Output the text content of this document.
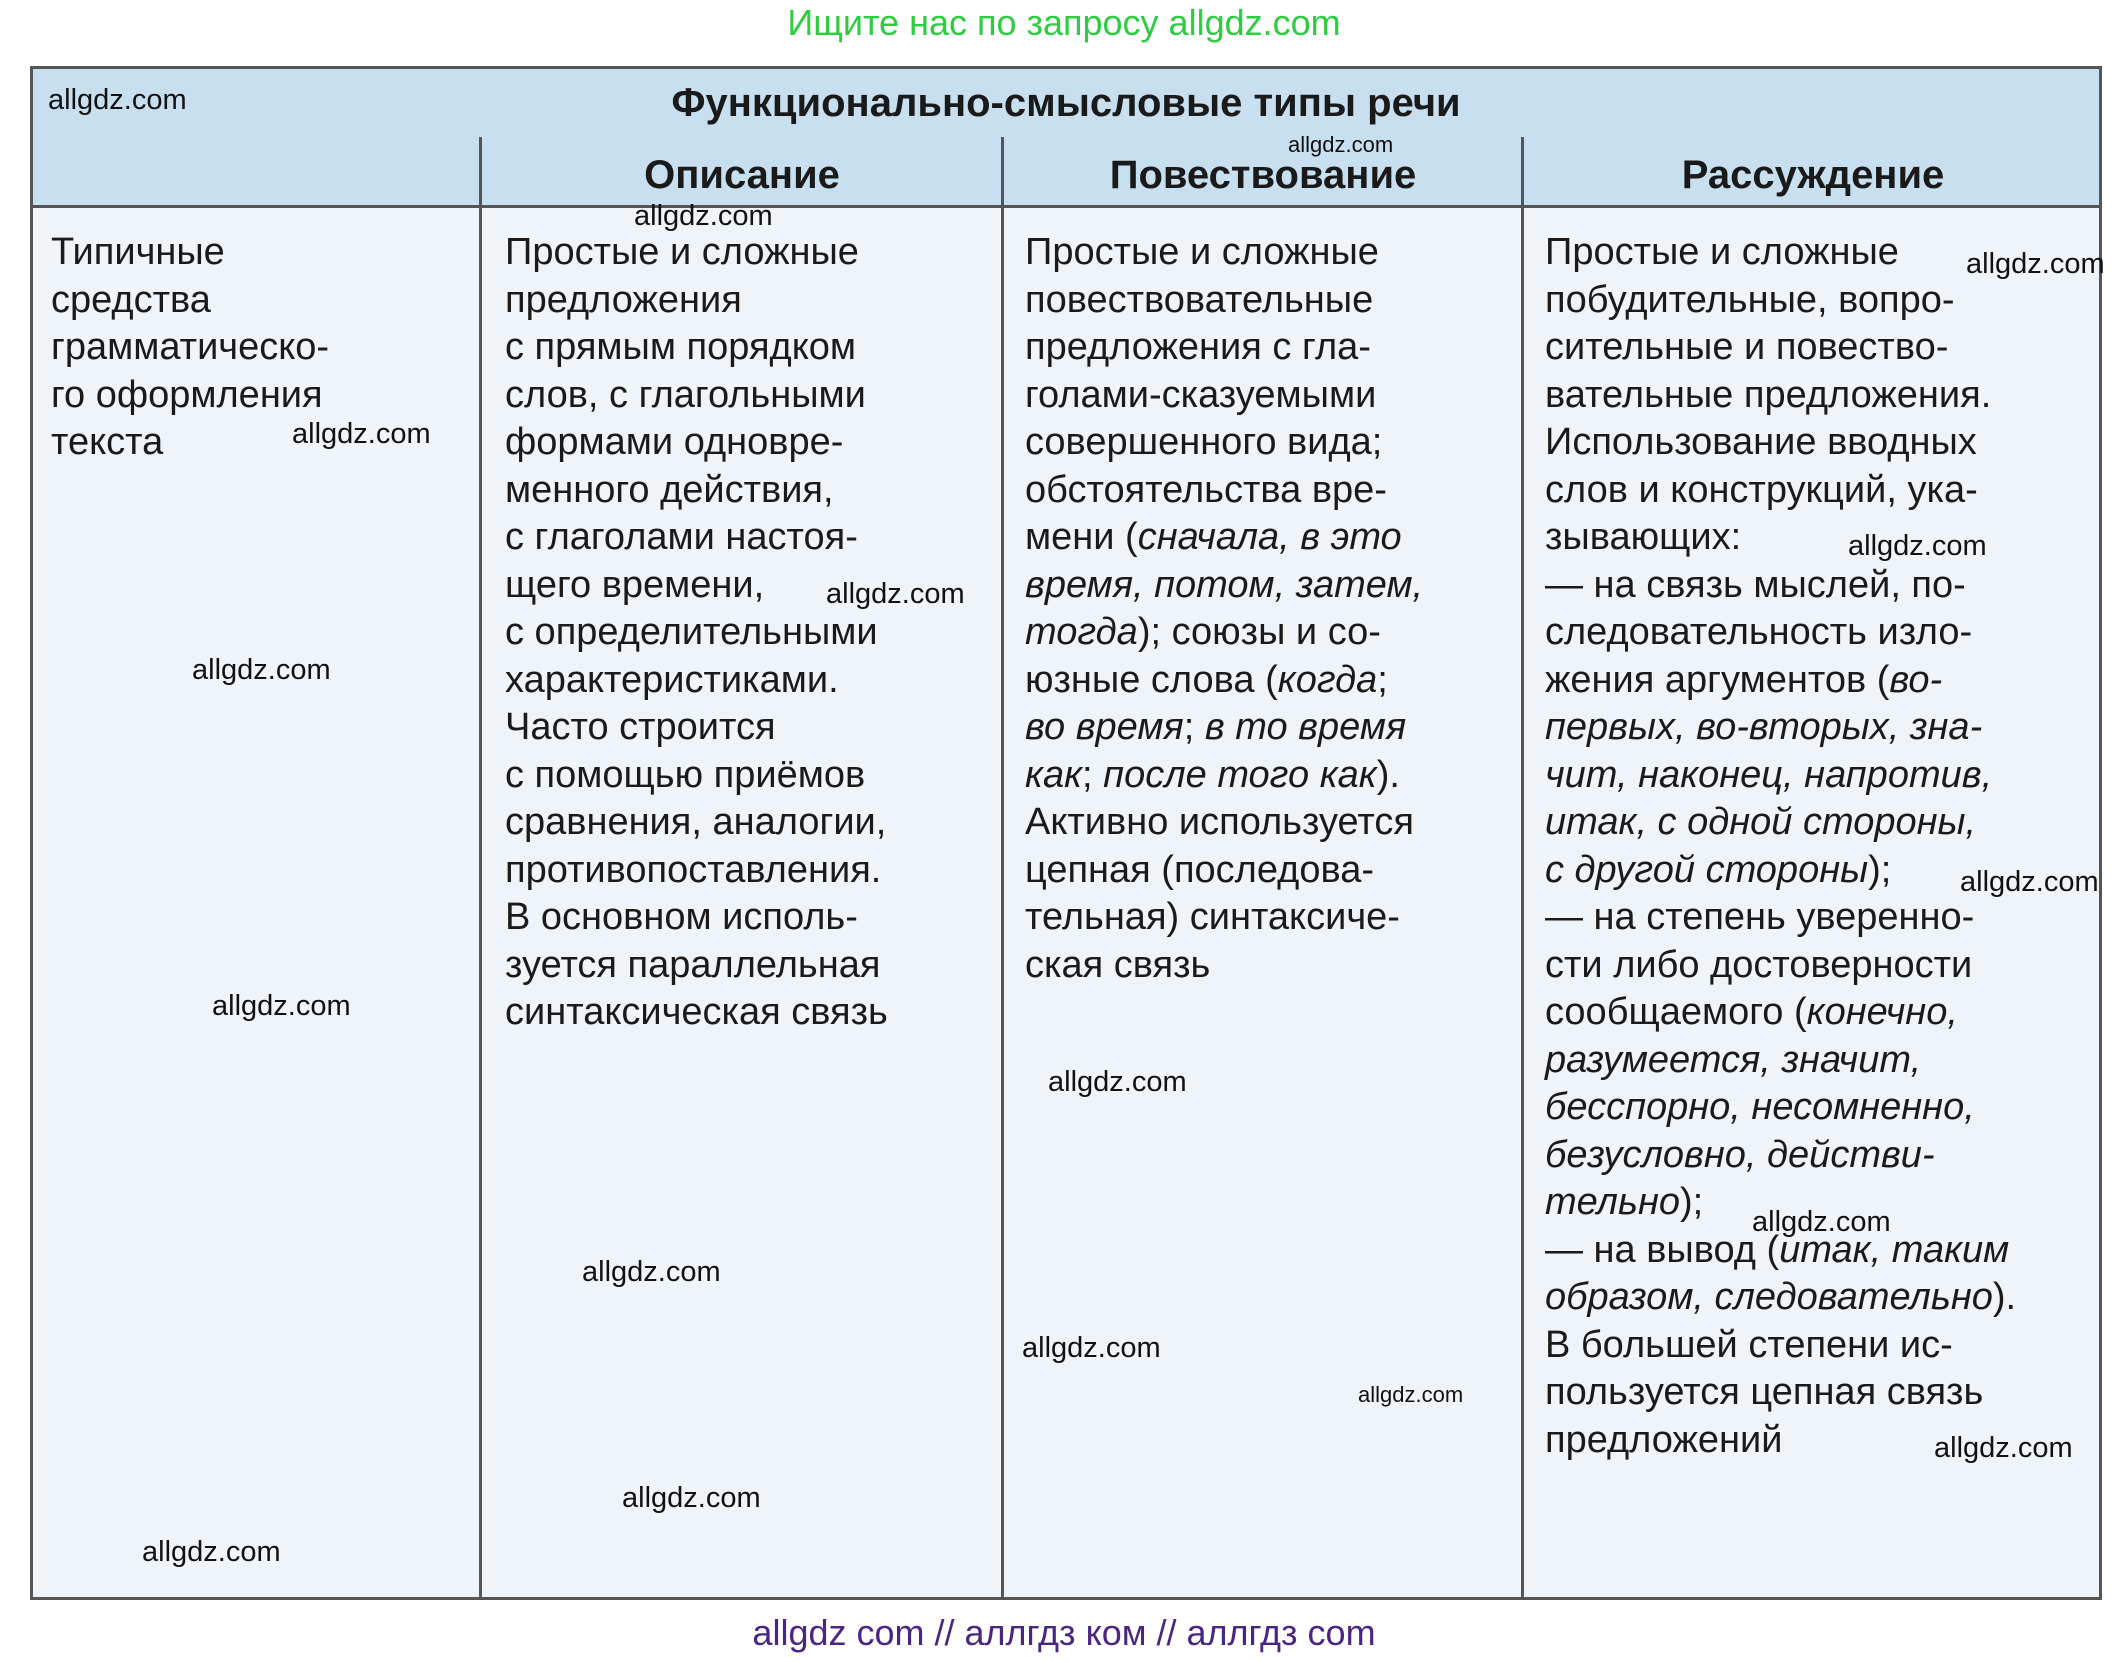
Ищите нас по запросу allgdz.com
Функционально-смысловые типы речи
Описание	Повествование	Рассуждение
Типичные
средства
грамматическо-
го оформления
текста
Простые и сложные
предложения
с прямым порядком
слов, с глагольными
формами одновре-
менного действия,
с глаголами настоя-
щего времени,
с определительными
характеристиками.
Часто строится
с помощью приёмов
сравнения, аналогии,
противопоставления.
В основном исполь-
зуется параллельная
синтаксическая связь
Простые и сложные
повествовательные
предложения с гла-
голами-сказуемыми
совершенного вида;
обстоятельства вре-
мени (сначала, в это
время, потом, затем,
тогда); союзы и со-
юзные слова (когда;
во время; в то время
как; после того как).
Активно используется
цепная (последова-
тельная) синтаксиче-
ская связь
Простые и сложные
побудительные, вопро-
сительные и повество-
вательные предложения.
Использование вводных
слов и конструкций, ука-
зывающих:
— на связь мыслей, по-
следовательность изло-
жения аргументов (во-
первых, во-вторых, зна-
чит, наконец, напротив,
итак, с одной стороны,
с другой стороны);
— на степень уверенно-
сти либо достоверности
сообщаемого (конечно,
разумеется, значит,
бесспорно, несомненно,
безусловно, действи-
тельно);
— на вывод (итак, таким
образом, следовательно).
В большей степени ис-
пользуется цепная связь
предложений
allgdz.com
allgdz.com
allgdz.com
allgdz.com
allgdz.com
allgdz.com
allgdz.com
allgdz.com
allgdz.com
allgdz.com
allgdz.com
allgdz.com
allgdz.com
allgdz.com
allgdz.com
allgdz.com
allgdz.com
allgdz.com
allgdz com // аллгдз ком // аллгдз com
